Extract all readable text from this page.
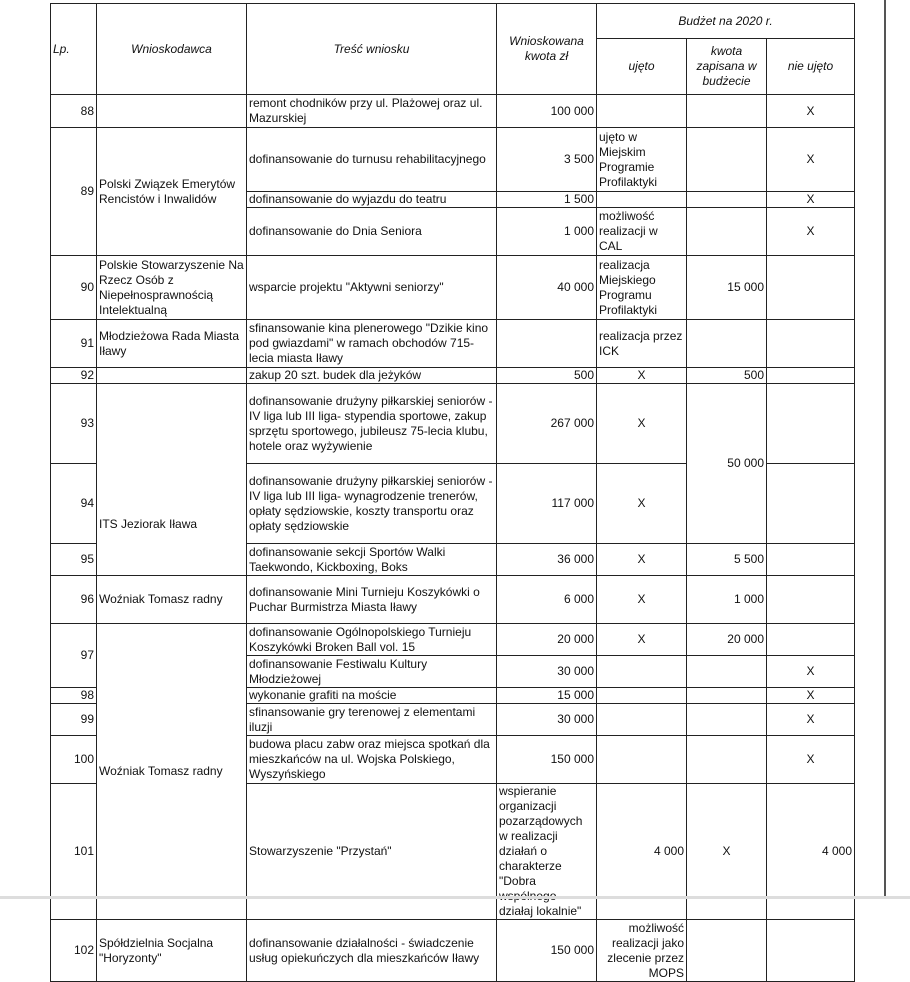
Lp.	Wnioskodawca	Treść wniosku	Wnioskowana kwota zł	Budżet na 2020 r.			
				ujęto	kwota zapisana w budżecie	nie ujęto	
88		remont chodników przy ul. Plażowej oraz ul. Mazurskiej	100 000			X	
89	Polski Związek Emerytów Rencistów i Inwalidów	dofinansowanie do turnusu rehabilitacyjnego	3 500	ujęto w Miejskim Programie Profilaktyki		X	
		dofinansowanie do wyjazdu do teatru	1 500			X	
		dofinansowanie do Dnia Seniora	1 000	możliwość realizacji w CAL		X	
90	Polskie Stowarzyszenie Na Rzecz Osób z Niepełnosprawnością Intelektualną	wsparcie projektu "Aktywni seniorzy"	40 000	realizacja Miejskiego Programu Profilaktyki	15 000		
91	Młodzieżowa Rada Miasta Iławy	sfinansowanie kina plenerowego "Dzikie kino pod gwiazdami" w ramach obchodów 715-lecia miasta Iławy		realizacja przez ICK			
92		zakup 20 szt. budek dla jeżyków	500	X	500		
93	ITS Jeziorak Iława	dofinansowanie drużyny piłkarskiej seniorów - IV liga lub III liga- stypendia sportowe, zakup sprzętu sportowego, jubileusz 75-lecia klubu, hotele oraz wyżywienie	267 000	X	50 000		
94		dofinansowanie drużyny piłkarskiej seniorów - IV liga lub III liga- wynagrodzenie trenerów, opłaty sędziowskie, koszty transportu oraz opłaty sędziowskie	117 000	X			
95		dofinansowanie sekcji Sportów Walki Taekwondo, Kickboxing, Boks	36 000	X	5 500		
96	Woźniak Tomasz radny	dofinansowanie Mini Turnieju Koszykówki o Puchar Burmistrza Miasta Iławy	6 000	X	1 000		
97	Woźniak Tomasz radny	dofinansowanie Ogólnopolskiego Turnieju Koszykówki Broken Ball vol. 15	20 000	X	20 000		
		dofinansowanie Festiwalu Kultury Młodzieżowej	30 000			X	
98		wykonanie grafiti na moście	15 000			X	
99		sfinansowanie gry terenowej z elementami iluzji	30 000			X	
100		budowa placu zabw oraz miejsca spotkań dla mieszkańców na ul. Wojska Polskiego, Wyszyńskiego	150 000			X	
101		Stowarzyszenie "Przystań"	wspieranie organizacji pozarządowych w realizacji działań o charakterze "Dobra działaj lokalnie"	4 000	X	4 000	
102	Spółdzielnia Socjalna "Horyzonty"	dofinansowanie działalności - świadczenie usług opiekuńczych dla mieszkańców Iławy	150 000	możliwość realizacji jako zlecenie przez MOPS			
